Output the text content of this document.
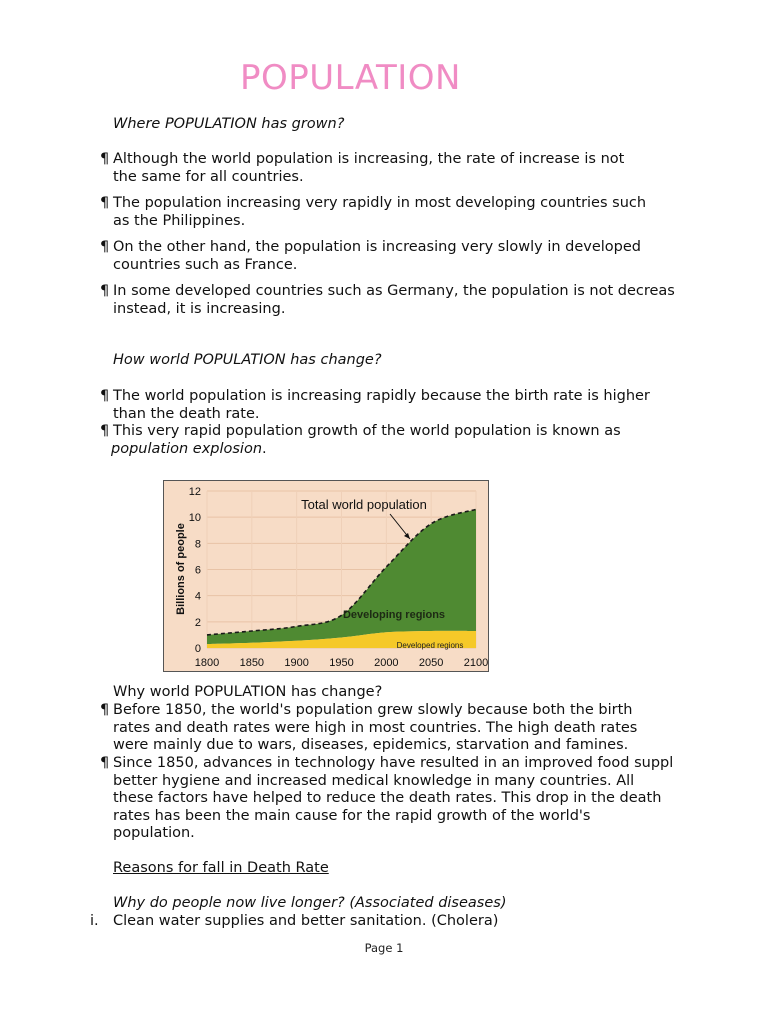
POPULATION
Where POPULATION has grown?
¶ Although the world population is increasing, the rate of increase is not
the same for all countries.
¶ The population increasing very rapidly in most developing countries such
as the Philippines.
¶ On the other hand, the population is increasing very slowly in developed
countries such as France.
¶ In some developed countries such as Germany, the population is not decreas
instead, it is increasing.
How world POPULATION has change?
¶ The world population is increasing rapidly because the birth rate is higher
than the death rate.
¶ This very rapid population growth of the world population is known as
population explosion.
0
2
4
6
8
10
12
1800 1850 1900 1950 2000 2050 2100
Billions of people
Total world population
Developing regions
Developed regions
Why world POPULATION has change?
¶ Before 1850, the world's population grew slowly because both the birth
rates and death rates were high in most countries. The high death rates
were mainly due to wars, diseases, epidemics, starvation and famines.
¶ Since 1850, advances in technology have resulted in an improved food suppl
better hygiene and increased medical knowledge in many countries. All
these factors have helped to reduce the death rates. This drop in the death
rates has been the main cause for the rapid growth of the world's
population.
Reasons for fall in Death Rate
Why do people now live longer? (Associated diseases)
i. Clean water supplies and better sanitation. (Cholera)
Page 1
